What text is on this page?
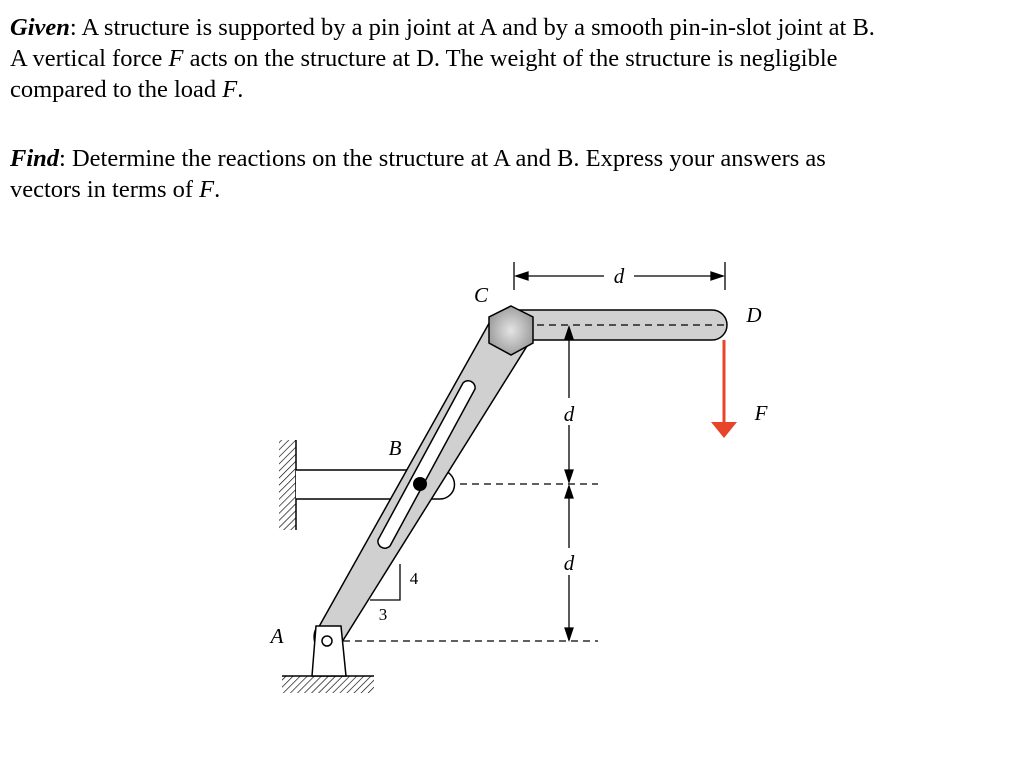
Given: A structure is supported by a pin joint at A and by a smooth pin-in-slot joint at B.
A vertical force F acts on the structure at D. The weight of the structure is negligible
compared to the load F.
Find: Determine the reactions on the structure at A and B. Express your answers as
vectors in terms of F.
d
d
d
4
3
C
D
F
B
A
